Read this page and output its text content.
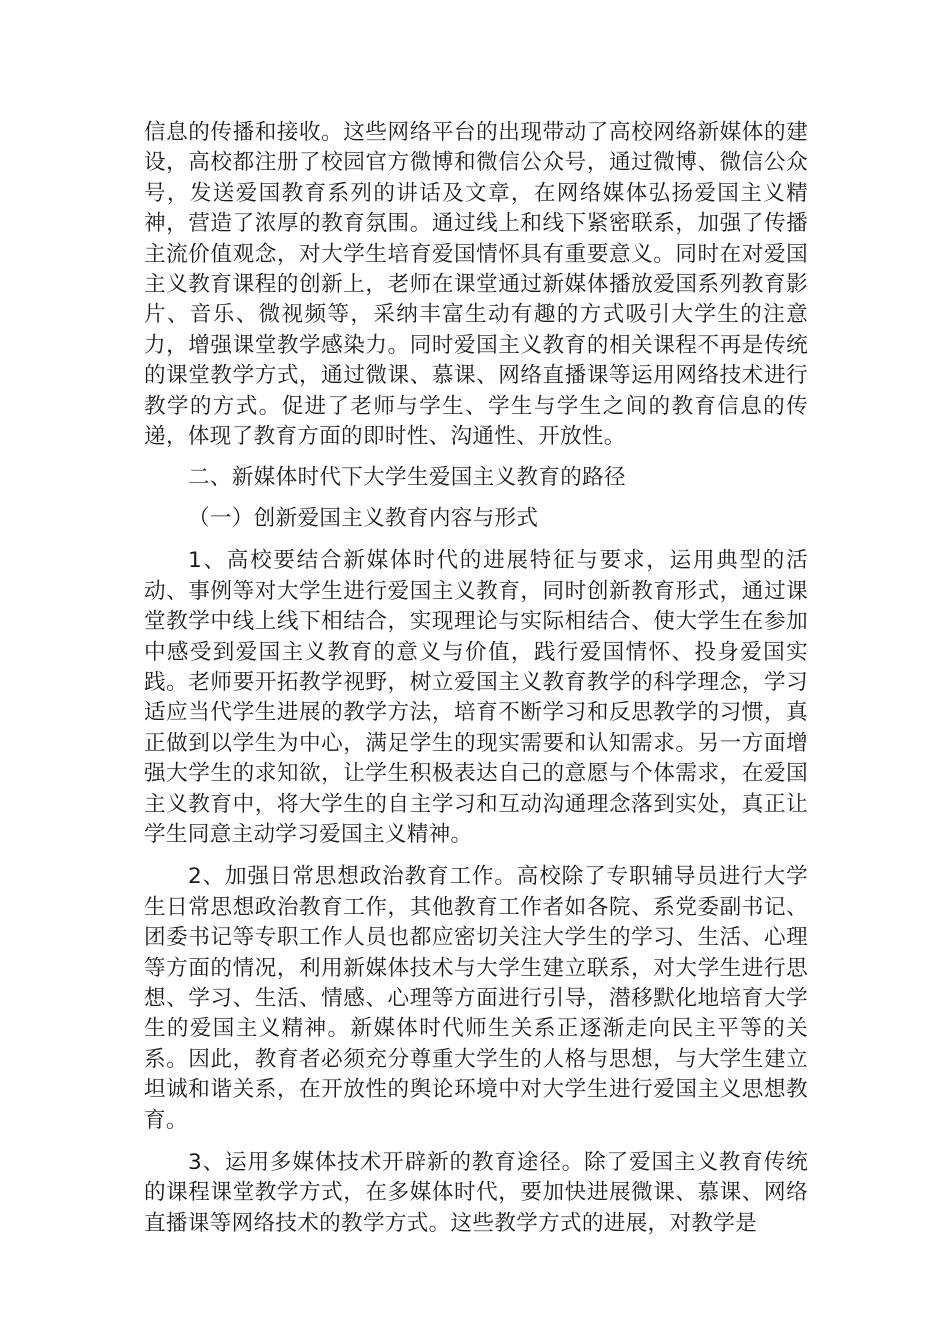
信息的传播和接收。这些网络平台的出现带动了高校网络新媒体的建设，高校都注册了校园官方微博和微信公众号，通过微博、微信公众号，发送爱国教育系列的讲话及文章，在网络媒体弘扬爱国主义精神，营造了浓厚的教育氛围。通过线上和线下紧密联系，加强了传播主流价值观念，对大学生培育爱国情怀具有重要意义。同时在对爱国主义教育课程的创新上，老师在课堂通过新媒体播放爱国系列教育影片、音乐、微视频等，采纳丰富生动有趣的方式吸引大学生的注意力，增强课堂教学感染力。同时爱国主义教育的相关课程不再是传统的课堂教学方式，通过微课、慕课、网络直播课等运用网络技术进行教学的方式。促进了老师与学生、学生与学生之间的教育信息的传递，体现了教育方面的即时性、沟通性、开放性。

二、新媒体时代下大学生爱国主义教育的路径

（一）创新爱国主义教育内容与形式

1、高校要结合新媒体时代的进展特征与要求，运用典型的活动、事例等对大学生进行爱国主义教育，同时创新教育形式，通过课堂教学中线上线下相结合，实现理论与实际相结合、使大学生在参加中感受到爱国主义教育的意义与价值，践行爱国情怀、投身爱国实践。老师要开拓教学视野，树立爱国主义教育教学的科学理念，学习适应当代学生进展的教学方法，培育不断学习和反思教学的习惯，真正做到以学生为中心，满足学生的现实需要和认知需求。另一方面增强大学生的求知欲，让学生积极表达自己的意愿与个体需求，在爱国主义教育中，将大学生的自主学习和互动沟通理念落到实处，真正让学生同意主动学习爱国主义精神。

2、加强日常思想政治教育工作。高校除了专职辅导员进行大学生日常思想政治教育工作，其他教育工作者如各院、系党委副书记、团委书记等专职工作人员也都应密切关注大学生的学习、生活、心理等方面的情况，利用新媒体技术与大学生建立联系，对大学生进行思想、学习、生活、情感、心理等方面进行引导，潜移默化地培育大学生的爱国主义精神。新媒体时代师生关系正逐渐走向民主平等的关系。因此，教育者必须充分尊重大学生的人格与思想，与大学生建立坦诚和谐关系，在开放性的舆论环境中对大学生进行爱国主义思想教育。

3、运用多媒体技术开辟新的教育途径。除了爱国主义教育传统的课程课堂教学方式，在多媒体时代，要加快进展微课、慕课、网络直播课等网络技术的教学方式。这些教学方式的进展，对教学是
